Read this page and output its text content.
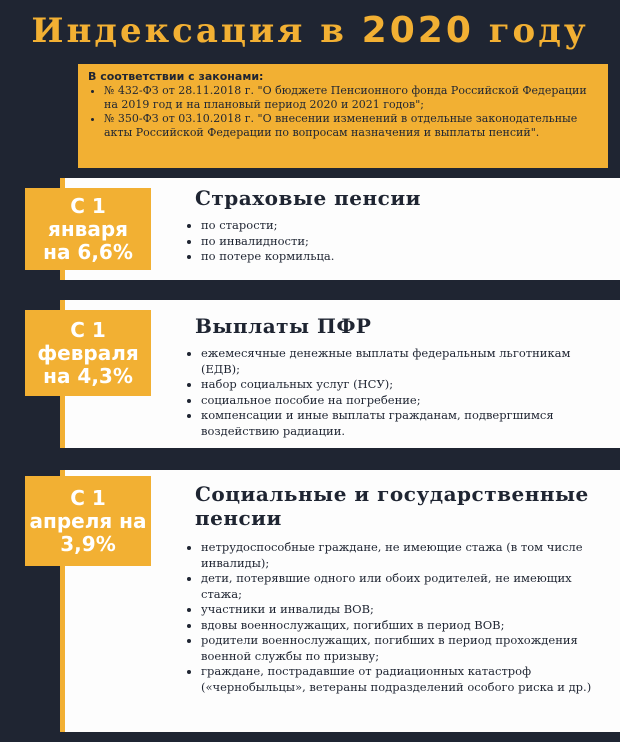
Индексация в 2020 году
В соответствии с законами:
• № 432-ФЗ от 28.11.2018 г. "О бюджете Пенсионного фонда Российской Федерации на 2019 год и на плановый период 2020 и 2021 годов";
• № 350-ФЗ от 03.10.2018 г. "О внесении изменений в отдельные законодательные акты Российской Федерации по вопросам назначения и выплаты пенсий".
Страховые пенсии
• по старости;
• по инвалидности;
• по потере кормильца.
С 1
января
на 6,6%
Выплаты ПФР
• ежемесячные денежные выплаты федеральным льготникам (ЕДВ);
• набор социальных услуг (НСУ);
• социальное пособие на погребение;
• компенсации и иные выплаты гражданам, подвергшимся воздействию радиации.
С 1
февраля
на 4,3%
Социальные и государственные пенсии
• нетрудоспособные граждане, не имеющие стажа (в том числе инвалиды);
• дети, потерявшие одного или обоих родителей, не имеющих стажа;
• участники и инвалиды ВОВ;
• вдовы военнослужащих, погибших в период ВОВ;
• родители военнослужащих, погибших в период прохождения военной службы по призыву;
• граждане, пострадавшие от радиационных катастроф («чернобыльцы», ветераны подразделений особого риска и др.)
С 1
апреля на
3,9%
